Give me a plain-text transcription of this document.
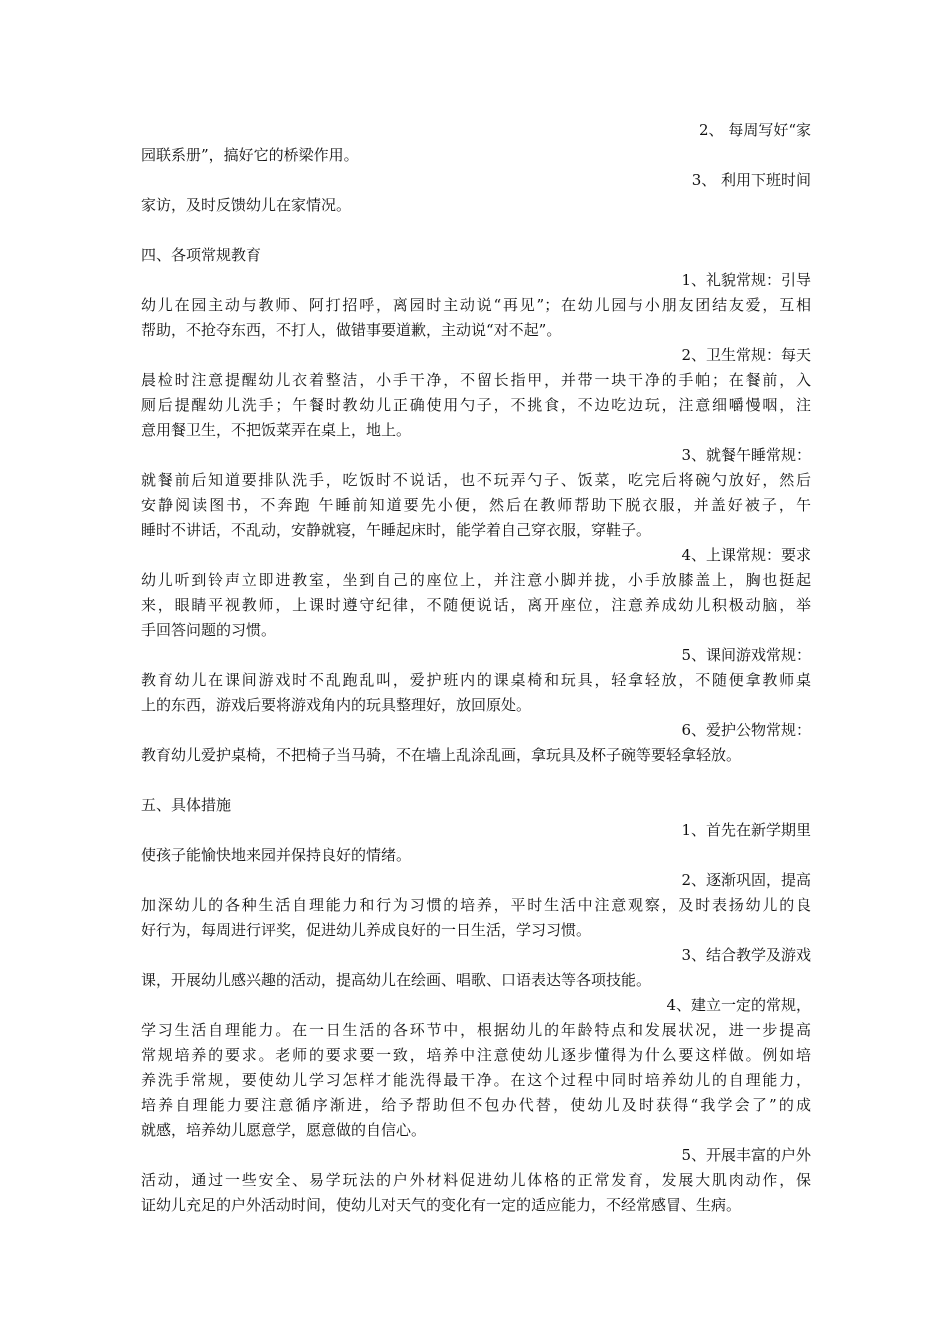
2、 每周写好“家
园联系册”，搞好它的桥梁作用。
3、 利用下班时间
家访，及时反馈幼儿在家情况。
四、各项常规教育
1、礼貌常规：引导
幼儿在园主动与教师、阿打招呼，离园时主动说“再见”；在幼儿园与小朋友团结友爱，互相
帮助，不抢夺东西，不打人，做错事要道歉，主动说“对不起”。
2、卫生常规：每天
晨检时注意提醒幼儿衣着整洁，小手干净，不留长指甲，并带一块干净的手帕；在餐前，入
厕后提醒幼儿洗手；午餐时教幼儿正确使用勺子，不挑食，不边吃边玩，注意细嚼慢咽，注
意用餐卫生，不把饭菜弄在桌上，地上。
3、就餐午睡常规：
就餐前后知道要排队洗手，吃饭时不说话，也不玩弄勺子、饭菜，吃完后将碗勺放好，然后
安静阅读图书，不奔跑 午睡前知道要先小便，然后在教师帮助下脱衣服，并盖好被子，午
睡时不讲话，不乱动，安静就寝，午睡起床时，能学着自己穿衣服，穿鞋子。
4、上课常规：要求
幼儿听到铃声立即进教室，坐到自己的座位上，并注意小脚并拢，小手放膝盖上，胸也挺起
来，眼睛平视教师，上课时遵守纪律，不随便说话，离开座位，注意养成幼儿积极动脑，举
手回答问题的习惯。
5、课间游戏常规：
教育幼儿在课间游戏时不乱跑乱叫，爱护班内的课桌椅和玩具，轻拿轻放，不随便拿教师桌
上的东西，游戏后要将游戏角内的玩具整理好，放回原处。
6、爱护公物常规：
教育幼儿爱护桌椅，不把椅子当马骑，不在墙上乱涂乱画，拿玩具及杯子碗等要轻拿轻放。
五、具体措施
1、首先在新学期里
使孩子能愉快地来园并保持良好的情绪。
2、逐渐巩固，提高
加深幼儿的各种生活自理能力和行为习惯的培养，平时生活中注意观察，及时表扬幼儿的良
好行为，每周进行评奖，促进幼儿养成良好的一日生活，学习习惯。
3、结合教学及游戏
课，开展幼儿感兴趣的活动，提高幼儿在绘画、唱歌、口语表达等各项技能。
4、建立一定的常规，
学习生活自理能力。在一日生活的各环节中，根据幼儿的年龄特点和发展状况，进一步提高
常规培养的要求。老师的要求要一致，培养中注意使幼儿逐步懂得为什么要这样做。例如培
养洗手常规，要使幼儿学习怎样才能洗得最干净。在这个过程中同时培养幼儿的自理能力，
培养自理能力要注意循序渐进，给予帮助但不包办代替，使幼儿及时获得“我学会了”的成
就感，培养幼儿愿意学，愿意做的自信心。
5、开展丰富的户外
活动，通过一些安全、易学玩法的户外材料促进幼儿体格的正常发育，发展大肌肉动作，保
证幼儿充足的户外活动时间，使幼儿对天气的变化有一定的适应能力，不经常感冒、生病。
